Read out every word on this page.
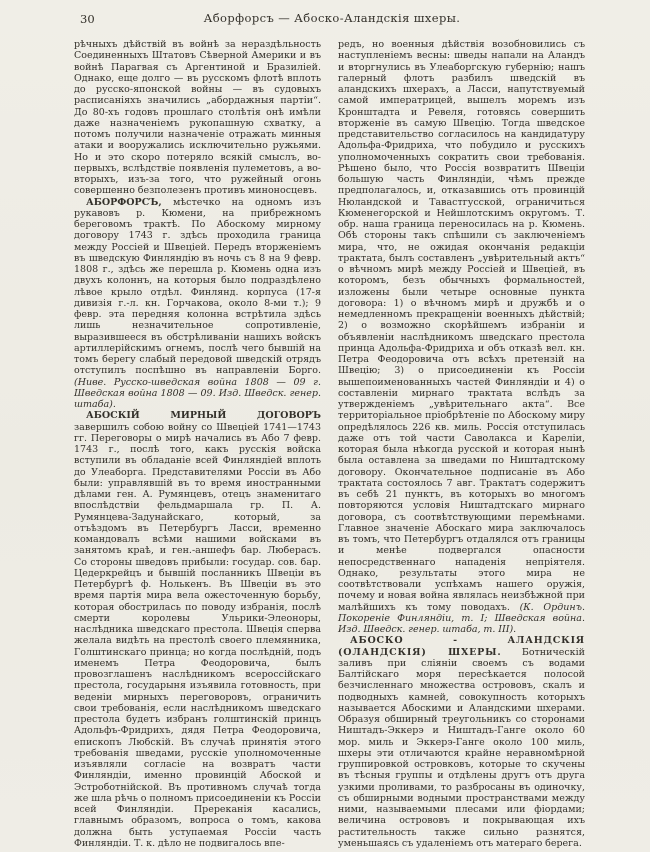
30	Аборфорсъ — Абоско-Аландскія шхеры.

рѣчныхъ дѣйствій въ войнѣ за нераздѣльность Соединенныхъ Штатовъ Сѣверной Америки и въ войнѣ Парагвая съ Аргентиной и Бразиліей. Однако, еще долго — въ русскомъ флотѣ вплоть до русско-японской войны — въ судовыхъ расписаніяхъ значились „абордажныя партіи“. До 80-хъ годовъ прошлаго столѣтія онѣ имѣли даже назначеніемъ рукопашную схватку, а потомъ получили назначеніе отражать минныя атаки и вооружались исключительно ружьями. Но и это скоро потеряло всякій смыслъ, во-первыхъ, вслѣдствіе появленія пулеметовъ, а во-вторыхъ, изъ-за того, что ружейный огонь совершенно безполезенъ противъ миноносцевъ.

АБОРФОРСЪ, мѣстечко на одномъ изъ рукавовъ р. Кюмени, на прибрежномъ береговомъ трактѣ. По Абоскому мирному договору 1743 г. здѣсь проходила граница между Россіей и Швеціей. Передъ вторженіемъ въ шведскую Финляндію въ ночь съ 8 на 9 февр. 1808 г., здѣсь же перешла р. Кюмень одна изъ двухъ колоннъ, на которыя было подраздѣлено лѣвое крыло отдѣл. Финлянд. корпуса (17-я дивизія г.-л. кн. Горчакова, около 8-ми т.); 9 февр. эта передняя колонна встрѣтила здѣсь лишь незначительное сопротивленіе, выразившееся въ обстрѣливаніи нашихъ войскъ артиллерійскимъ огнемъ, послѣ чего бывшій на томъ берегу слабый передовой шведскій отрядъ отступилъ поспѣшно въ направленіи Борго. (Ниве. Русско-шведская война 1808 — 09 г. Шведская война 1808 — 09. Изд. Шведск. генер. штаба).

АБОСКІЙ МИРНЫЙ ДОГОВОРЪ завершилъ собою войну со Швеціей 1741—1743 гг. Переговоры о мирѣ начались въ Або 7 февр. 1743 г., послѣ того, какъ русскія войска вступили въ обладаніе всей Финляндіей вплоть до Улеаборга. Представителями Россіи въ Або были: управлявшій въ то время иностранными дѣлами ген. А. Румянцевъ, отецъ знаменитаго впослѣдствіи фельдмаршала гр. П. А. Румянцева-Задунайскаго, который, за отъѣздомъ въ Петербургъ Ласси, временно командовалъ всѣми нашими войсками въ занятомъ краѣ, и ген.-аншефъ бар. Люберасъ. Со стороны шведовъ прибыли: государ. сов. бар. Цедеркрейцъ и бывшій посланникъ Швеціи въ Петербургѣ ф. Нолькенъ. Въ Швеціи въ это время партія мира вела ожесточенную борьбу, которая обострилась по поводу избранія, послѣ смерти королевы Ульрики-Элеоноры, наслѣдника шведскаго престола. Швеція сперва желала видѣть на престолѣ своего племянника, Голштинскаго принца; но когда послѣдній, подъ именемъ Петра Феодоровича, былъ провозглашенъ наслѣдникомъ всероссійскаго престола, государыня изъявила готовность, при веденіи мирныхъ переговоровъ, ограничить свои требованія, если наслѣдникомъ шведскаго престола будетъ избранъ голштинскій принцъ Адольфъ-Фридрихъ, дядя Петра Феодоровича, епископъ Любскій. Въ случаѣ принятія этого требованія шведами, русскіе уполномоченные изъявляли согласіе на возвратъ части Финляндіи, именно провинцій Абоской и Эстроботнійской. Въ противномъ случаѣ тогда же шла рѣчь о полномъ присоединеніи къ Россіи всей Финляндіи. Пререканія касались, главнымъ образомъ, вопроса о томъ, какова должна быть уступаемая Россіи часть Финляндіи. Т. к. дѣло не подвигалось впе-

редъ, но военныя дѣйствія возобновились съ наступленіемъ весны: шведы напали на Аландъ и вторгнулись въ Улеаборгскую губернію; нашъ галерный флотъ разбилъ шведскій въ аландскихъ шхерахъ, а Ласси, напутствуемый самой императрицей, вышелъ моремъ изъ Кронштадта и Ревеля, готовясь совершить вторженіе въ самую Швецію. Тогда шведское представительство согласилось на кандидатуру Адольфа-Фридриха, что побудило и русскихъ уполномоченныхъ сократить свои требованія. Рѣшено было, что Россія возвратитъ Швеціи большую часть Финляндіи, чѣмъ прежде предполагалось, и, отказавшись отъ провинцій Нюландской и Тавастгусской, ограничиться Кюменегорской и Нейшлотскимъ округомъ. Т. обр. наша граница переносилась на р. Кюмень. Обѣ стороны такъ спѣшили съ заключеніемъ мира, что, не ожидая окончанія редакціи трактата, былъ составленъ „увѣрительный актъ“ о вѣчномъ мирѣ между Россіей и Швеціей, въ которомъ, безъ обычныхъ формальностей, изложены были четыре основные пункта договора: 1) о вѣчномъ мирѣ и дружбѣ и о немедленномъ прекращеніи военныхъ дѣйствій; 2) о возможно скорѣйшемъ избраніи и объявленіи наслѣдникомъ шведскаго престола принца Адольфа-Фридриха и объ отказѣ вел. кн. Петра Феодоровича отъ всѣхъ претензій на Швецію; 3) о присоединеніи къ Россіи вышепоименованныхъ частей Финляндіи и 4) о составленіи мирнаго трактата вслѣдъ за утвержденіемъ „увѣрительнаго акта“. Все территоріальное пріобрѣтеніе по Абоскому миру опредѣлялось 226 кв. миль. Россія отступилась даже отъ той части Саволакса и Кареліи, которая была нѣкогда русской и которая нынѣ была оставлена за шведами по Ништадтскому договору. Окончательное подписаніе въ Або трактата состоялось 7 авг. Трактатъ содержитъ въ себѣ 21 пунктъ, въ которыхъ во многомъ повторяются условія Ништадтскаго мирнаго договора, съ соотвѣтствующими перемѣнами. Главное значеніе Абоскаго мира заключалось въ томъ, что Петербургъ отдалялся отъ границы и менѣе подвергался опасности непосредственнаго нападенія непріятеля. Однако, результаты этого мира не соотвѣтствовали успѣхамъ нашего оружія, почему и новая война являлась неизбѣжной при малѣйшихъ къ тому поводахъ. (К. Ординъ. Покореніе Финляндіи, т. I; Шведская война. Изд. Шведск. генер. штаба, т. III).

АБОСКО - АЛАНДСКІЯ (ОЛАНДСКІЯ) ШХЕРЫ. Ботническій заливъ при сліяніи своемъ съ водами Балтійскаго моря пересѣкается полосой безчисленнаго множества острововъ, скалъ и подводныхъ камней, совокупность которыхъ называется Абоскими и Аландскими шхерами. Образуя обширный треугольникъ со сторонами Ништадъ-Эккерэ и Ништадъ-Ганге около 60 мор. миль и Эккерэ-Ганге около 100 миль, шхеры эти отличаются крайне неравномѣрной группировкой островковъ, которые то скучены въ тѣсныя группы и отдѣлены другъ отъ друга узкими проливами, то разбросаны въ одиночку, съ обширными водными пространствами между ними, называемыми плесами или фіордами; величина острововъ и покрывающая ихъ растительность также сильно разнятся, уменьшаясь съ удаленіемъ отъ матераго берега.
